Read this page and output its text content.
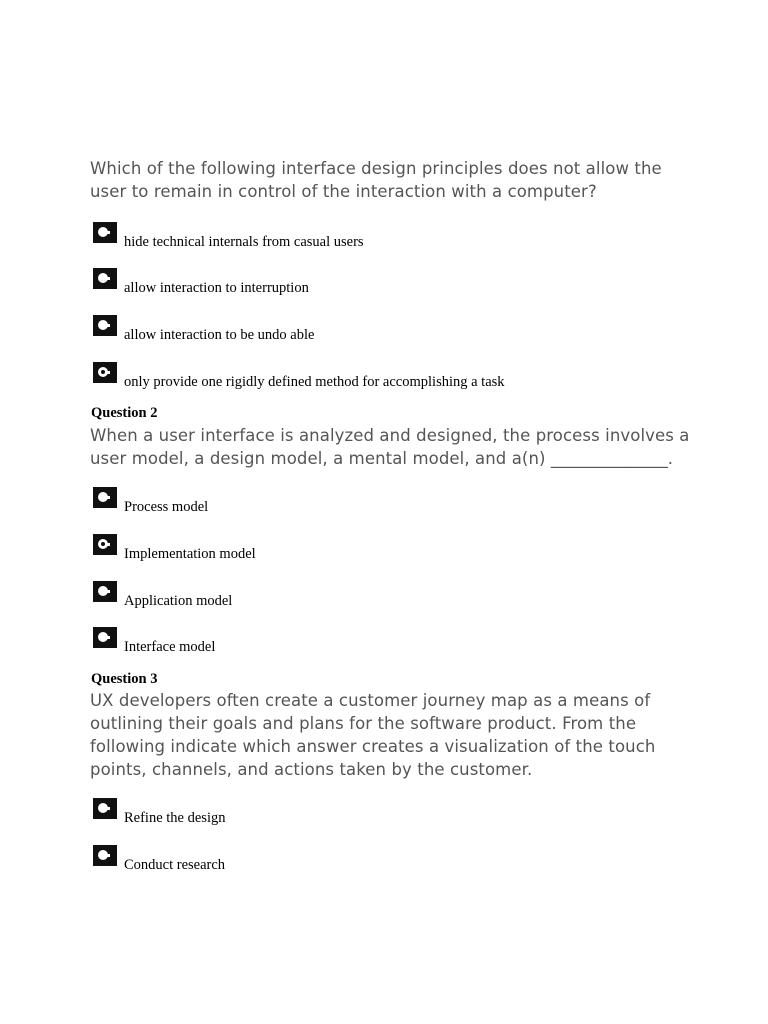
Which of the following interface design principles does not allow the
user to remain in control of the interaction with a computer?
hide technical internals from casual users
allow interaction to interruption
allow interaction to be undo able
only provide one rigidly defined method for accomplishing a task
Question 2
When a user interface is analyzed and designed, the process involves a
user model, a design model, a mental model, and a(n) ______________.
Process model
Implementation model
Application model
Interface model
Question 3
UX developers often create a customer journey map as a means of
outlining their goals and plans for the software product. From the
following indicate which answer creates a visualization of the touch
points, channels, and actions taken by the customer.
Refine the design
Conduct research
